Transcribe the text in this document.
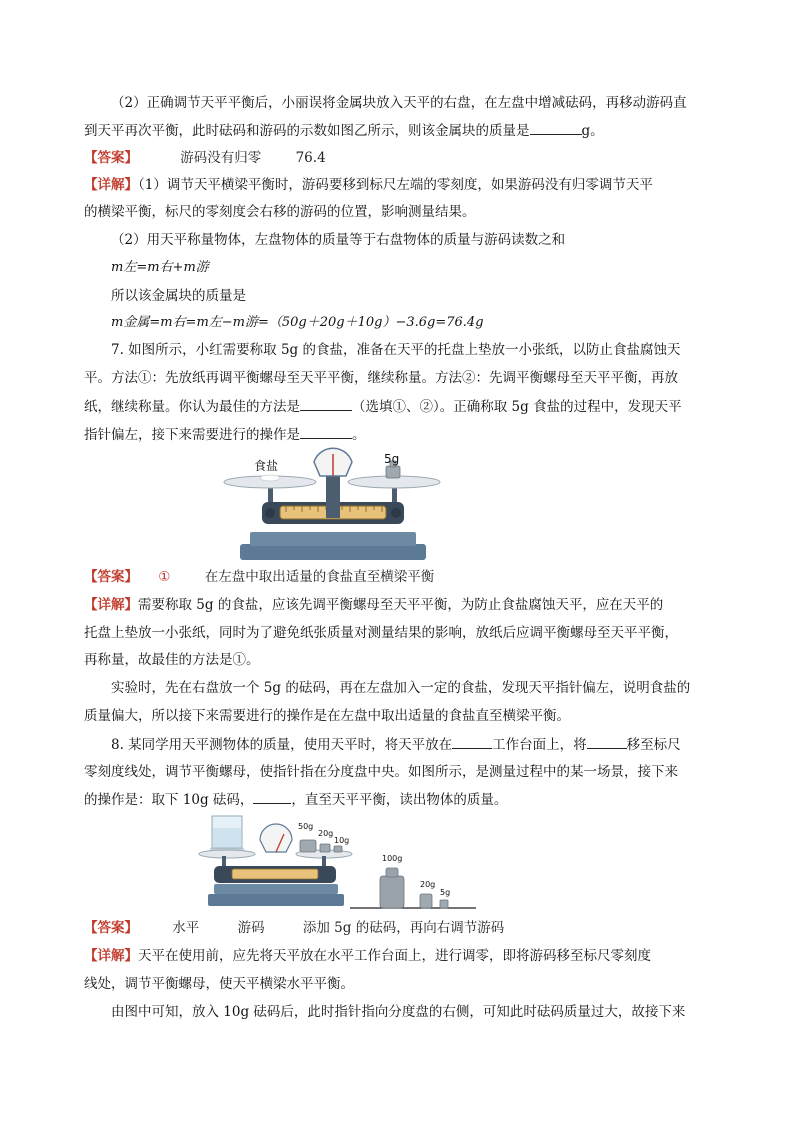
（2）正确调节天平平衡后，小丽误将金属块放入天平的右盘，在左盘中增减砝码，再移动游码直
到天平再次平衡，此时砝码和游码的示数如图乙所示，则该金属块的质量是	g。
【答案】	游码没有归零	76.4
【详解】（1）调节天平横梁平衡时，游码要移到标尺左端的零刻度，如果游码没有归零调节天平
的横梁平衡，标尺的零刻度会右移的游码的位置，影响测量结果。
（2）用天平称量物体，左盘物体的质量等于右盘物体的质量与游码读数之和
m左=m右+m游
所以该金属块的质量是
m金属=m右=m左−m游=（50g＋20g＋10g）−3.6g=76.4g
7. 如图所示，小红需要称取 5g 的食盐，准备在天平的托盘上垫放一小张纸，以防止食盐腐蚀天
平。方法①：先放纸再调平衡螺母至天平平衡，继续称量。方法②：先调平衡螺母至天平平衡，再放
纸，继续称量。你认为最佳的方法是	（选填①、②）。正确称取 5g 食盐的过程中，发现天平
指针偏左，接下来需要进行的操作是	。
食盐	5g
【答案】 ①	在左盘中取出适量的食盐直至横梁平衡
【详解】需要称取 5g 的食盐，应该先调平衡螺母至天平平衡，为防止食盐腐蚀天平，应在天平的
托盘上垫放一小张纸，同时为了避免纸张质量对测量结果的影响，放纸后应调平衡螺母至天平平衡，
再称量，故最佳的方法是①。
实验时，先在右盘放一个 5g 的砝码，再在左盘加入一定的食盐，发现天平指针偏左，说明食盐的
质量偏大，所以接下来需要进行的操作是在左盘中取出适量的食盐直至横梁平衡。
8. 某同学用天平测物体的质量，使用天平时，将天平放在	工作台面上，将	移至标尺
零刻度线处，调节平衡螺母，使指针指在分度盘中央。如图所示，是测量过程中的某一场景，接下来
的操作是：取下 10g 砝码，	，直至天平平衡，读出物体的质量。
50g
20g
10g
100g
20g
5g
【答案】	水平	游码	添加 5g 的砝码，再向右调节游码
【详解】天平在使用前，应先将天平放在水平工作台面上，进行调零，即将游码移至标尺零刻度
线处，调节平衡螺母，使天平横梁水平平衡。
由图中可知，放入 10g 砝码后，此时指针指向分度盘的右侧，可知此时砝码质量过大，故接下来
